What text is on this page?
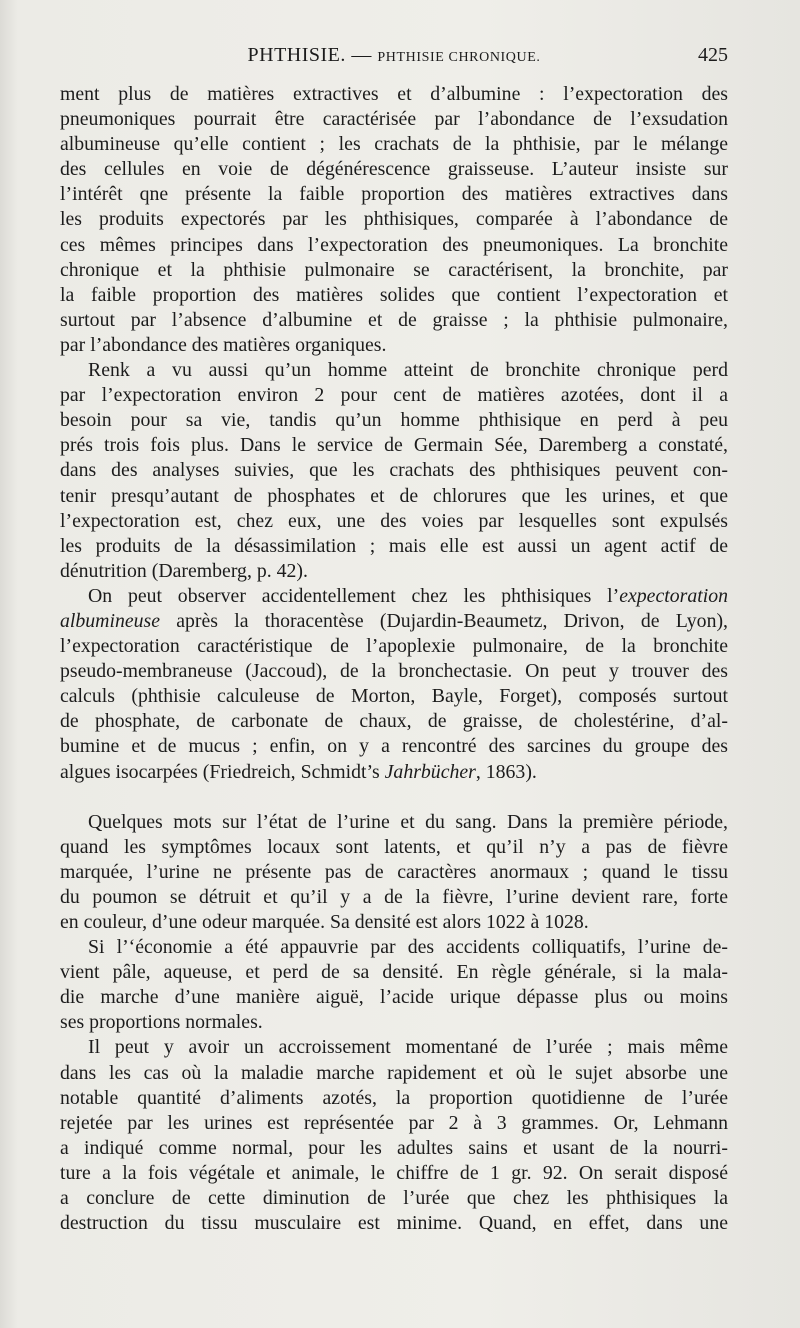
PHTHISIE. — PHTHISIE CHRONIQUE.	425
ment plus de matières extractives et d’albumine : l’expectoration des
pneumoniques pourrait être caractérisée par l’abondance de l’exsudation
albumineuse qu’elle contient ; les crachats de la phthisie, par le mélange
des cellules en voie de dégénérescence graisseuse. L’auteur insiste sur
l’intérêt qne présente la faible proportion des matières extractives dans
les produits expectorés par les phthisiques, comparée à l’abondance de
ces mêmes principes dans l’expectoration des pneumoniques. La bronchite
chronique et la phthisie pulmonaire se caractérisent, la bronchite, par
la faible proportion des matières solides que contient l’expectoration et
surtout par l’absence d’albumine et de graisse ; la phthisie pulmonaire,
par l’abondance des matières organiques.
Renk a vu aussi qu’un homme atteint de bronchite chronique perd
par l’expectoration environ 2 pour cent de matières azotées, dont il a
besoin pour sa vie, tandis qu’un homme phthisique en perd à peu
prés trois fois plus. Dans le service de Germain Sée, Daremberg a constaté,
dans des analyses suivies, que les crachats des phthisiques peuvent con-
tenir presqu’autant de phosphates et de chlorures que les urines, et que
l’expectoration est, chez eux, une des voies par lesquelles sont expulsés
les produits de la désassimilation ; mais elle est aussi un agent actif de
dénutrition (Daremberg, p. 42).
On peut observer accidentellement chez les phthisiques l’expectoration
albumineuse après la thoracentèse (Dujardin-Beaumetz, Drivon, de Lyon),
l’expectoration caractéristique de l’apoplexie pulmonaire, de la bronchite
pseudo-membraneuse (Jaccoud), de la bronchectasie. On peut y trouver des
calculs (phthisie calculeuse de Morton, Bayle, Forget), composés surtout
de phosphate, de carbonate de chaux, de graisse, de cholestérine, d’al-
bumine et de mucus ; enfin, on y a rencontré des sarcines du groupe des
algues isocarpées (Friedreich, Schmidt’s Jahrbücher, 1863).
Quelques mots sur l’état de l’urine et du sang. Dans la première période,
quand les symptômes locaux sont latents, et qu’il n’y a pas de fièvre
marquée, l’urine ne présente pas de caractères anormaux ; quand le tissu
du poumon se détruit et qu’il y a de la fièvre, l’urine devient rare, forte
en couleur, d’une odeur marquée. Sa densité est alors 1022 à 1028.
Si l’‘économie a été appauvrie par des accidents colliquatifs, l’urine de-
vient pâle, aqueuse, et perd de sa densité. En règle générale, si la mala-
die marche d’une manière aiguë, l’acide urique dépasse plus ou moins
ses proportions normales.
Il peut y avoir un accroissement momentané de l’urée ; mais même
dans les cas où la maladie marche rapidement et où le sujet absorbe une
notable quantité d’aliments azotés, la proportion quotidienne de l’urée
rejetée par les urines est représentée par 2 à 3 grammes. Or, Lehmann
a indiqué comme normal, pour les adultes sains et usant de la nourri-
ture a la fois végétale et animale, le chiffre de 1 gr. 92. On serait disposé
a conclure de cette diminution de l’urée que chez les phthisiques la
destruction du tissu musculaire est minime. Quand, en effet, dans une
